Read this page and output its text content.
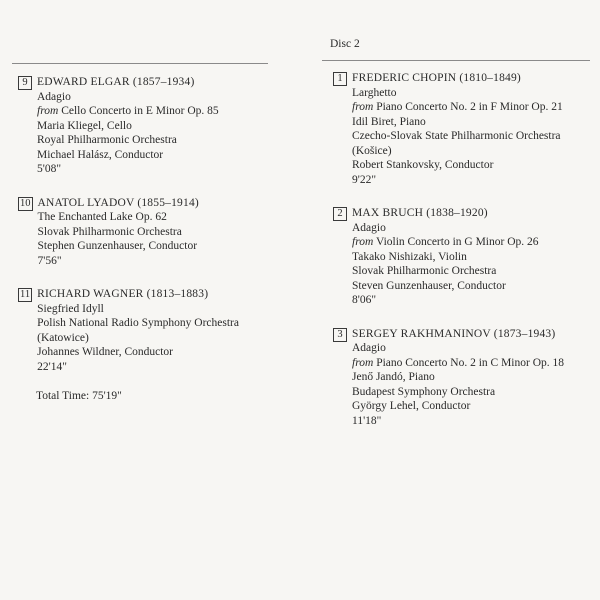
Disc 2
9 EDWARD ELGAR (1857–1934)
Adagio
from Cello Concerto in E Minor Op. 85
Maria Kliegel, Cello
Royal Philharmonic Orchestra
Michael Halász, Conductor
5'08"
10 ANATOL LYADOV (1855–1914)
The Enchanted Lake Op. 62
Slovak Philharmonic Orchestra
Stephen Gunzenhauser, Conductor
7'56"
11 RICHARD WAGNER (1813–1883)
Siegfried Idyll
Polish National Radio Symphony Orchestra
(Katowice)
Johannes Wildner, Conductor
22'14"
Total Time: 75'19"
1 FREDERIC CHOPIN (1810–1849)
Larghetto
from Piano Concerto No. 2 in F Minor Op. 21
Idil Biret, Piano
Czecho-Slovak State Philharmonic Orchestra
(Košice)
Robert Stankovsky, Conductor
9'22"
2 MAX BRUCH (1838–1920)
Adagio
from Violin Concerto in G Minor Op. 26
Takako Nishizaki, Violin
Slovak Philharmonic Orchestra
Steven Gunzenhauser, Conductor
8'06"
3 SERGEY RAKHMANINOV (1873–1943)
Adagio
from Piano Concerto No. 2 in C Minor Op. 18
Jenő Jandó, Piano
Budapest Symphony Orchestra
György Lehel, Conductor
11'18"
